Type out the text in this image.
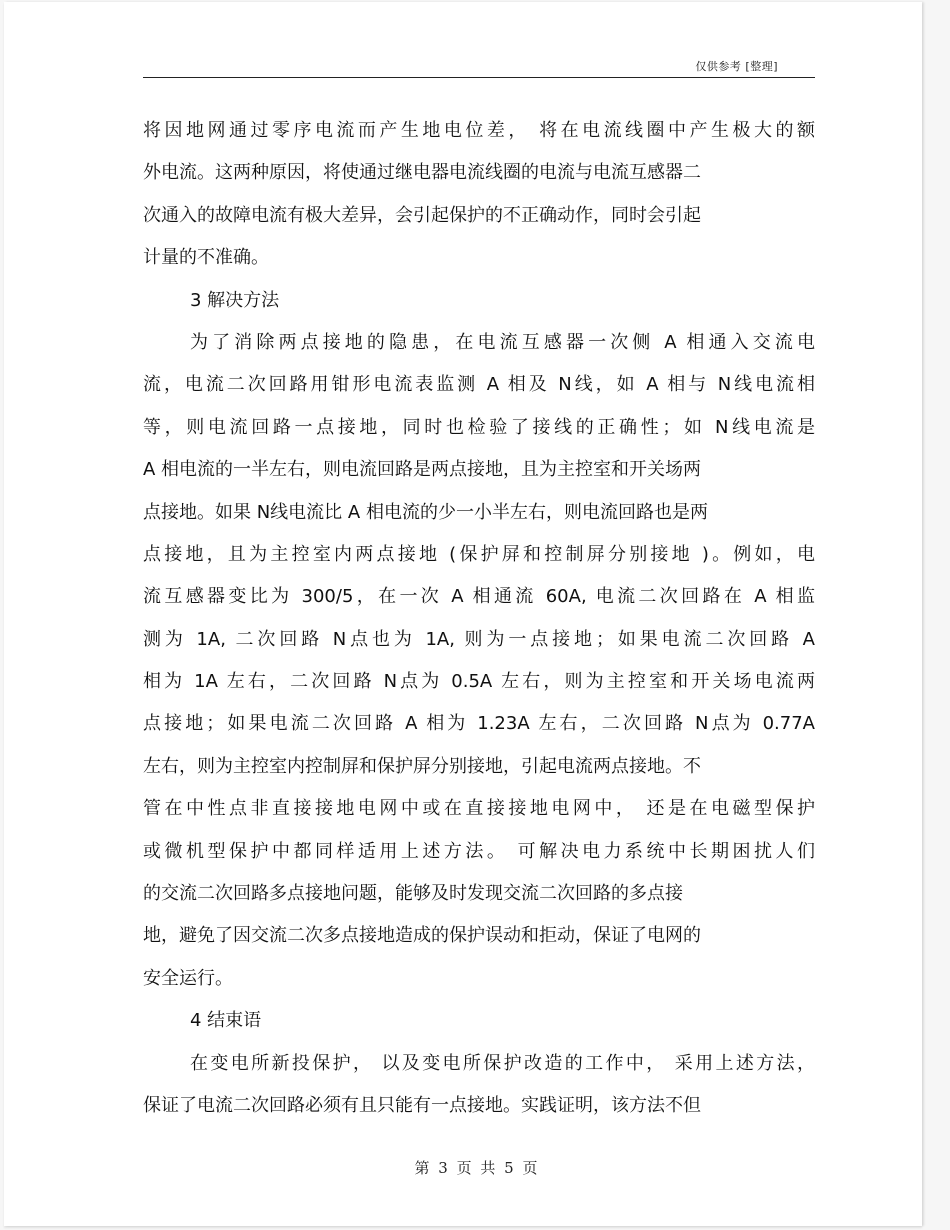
仅供参考 [整理]
将因地网通过零序电流而产生地电位差， 将在电流线圈中产生极大的额
外电流。这两种原因，将使通过继电器电流线圈的电流与电流互感器二
次通入的故障电流有极大差异，会引起保护的不正确动作，同时会引起
计量的不准确。
3 解决方法
为了消除两点接地的隐患，在电流互感器一次侧 A 相通入交流电
流，电流二次回路用钳形电流表监测 A 相及 N线，如 A 相与 N线电流相
等，则电流回路一点接地，同时也检验了接线的正确性；如 N线电流是
A 相电流的一半左右，则电流回路是两点接地，且为主控室和开关场两
点接地。如果 N线电流比 A 相电流的少一小半左右，则电流回路也是两
点接地，且为主控室内两点接地 (保护屏和控制屏分别接地 )。例如，电
流互感器变比为 300/5，在一次 A 相通流 60A, 电流二次回路在 A 相监
测为 1A, 二次回路 N点也为 1A, 则为一点接地；如果电流二次回路 A
相为 1A 左右，二次回路 N点为 0.5A 左右，则为主控室和开关场电流两
点接地；如果电流二次回路 A 相为 1.23A 左右，二次回路 N点为 0.77A
左右，则为主控室内控制屏和保护屏分别接地，引起电流两点接地。不
管在中性点非直接接地电网中或在直接接地电网中， 还是在电磁型保护
或微机型保护中都同样适用上述方法。 可解决电力系统中长期困扰人们
的交流二次回路多点接地问题，能够及时发现交流二次回路的多点接
地，避免了因交流二次多点接地造成的保护误动和拒动，保证了电网的
安全运行。
4 结束语
在变电所新投保护， 以及变电所保护改造的工作中， 采用上述方法，
保证了电流二次回路必须有且只能有一点接地。实践证明，该方法不但
第 3 页 共 5 页
